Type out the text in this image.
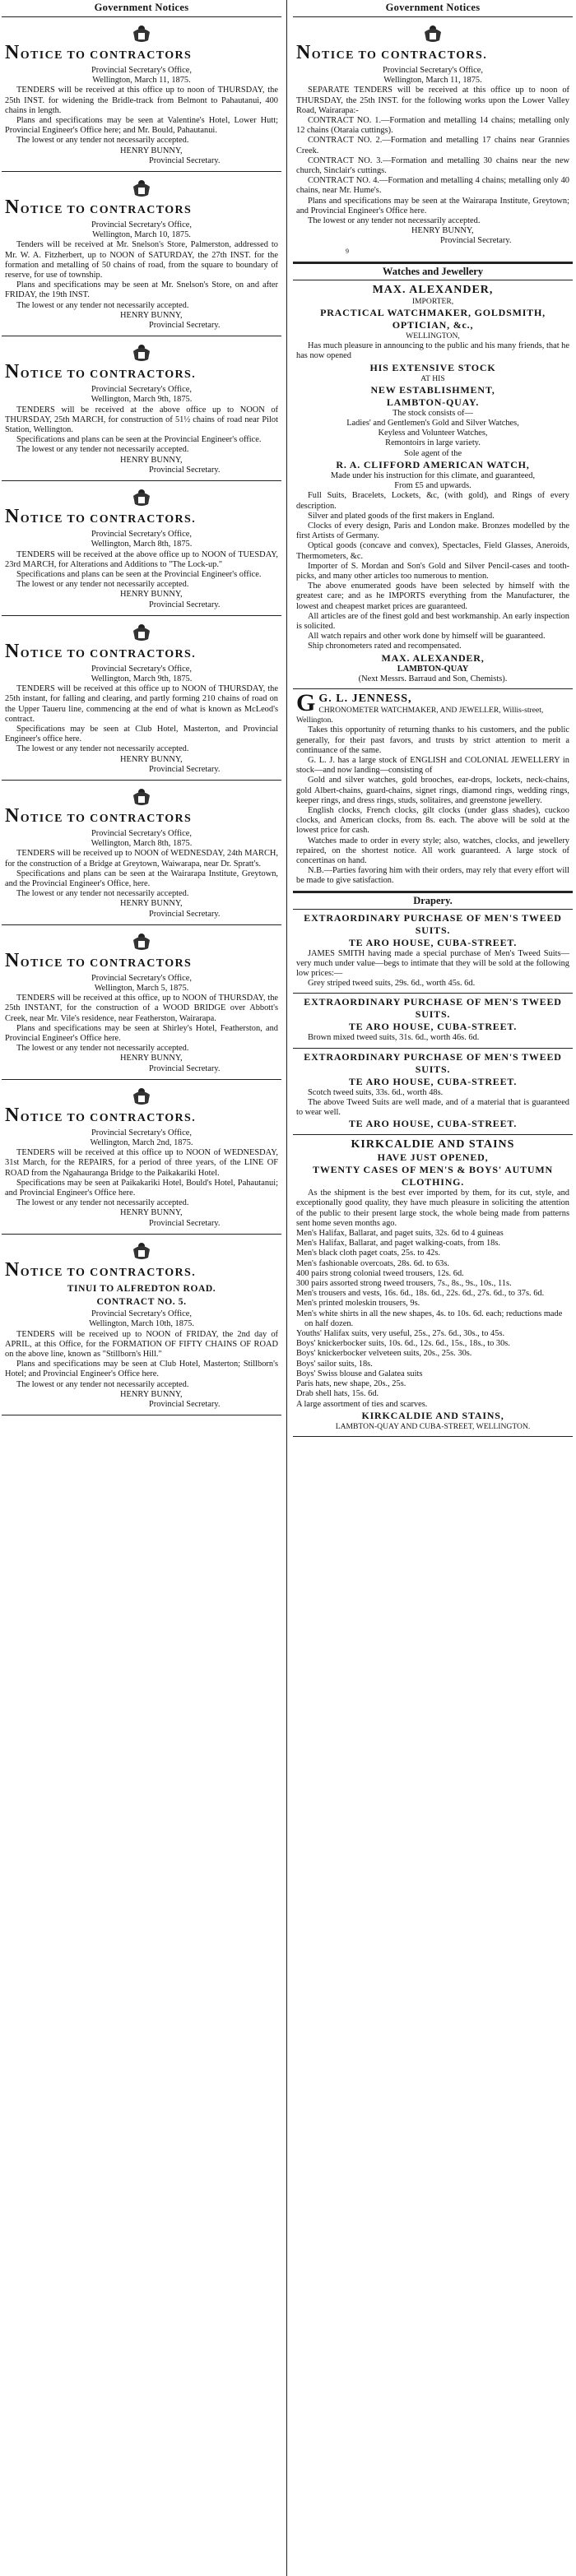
Government Notices
NOTICE TO CONTRACTORS
Provincial Secretary's Office,
Wellington, March 11, 1875.

TENDERS will be received at this office up to noon of THURSDAY, the 25th INST. for widening the Bridle-track from Belmont to Pahautanui, 400 chains in length.

Plans and specifications may be seen at Valentine's Hotel, Lower Hutt; Provincial Engineer's Office here; and Mr. Bould, Pahautanui.

The lowest or any tender not necessarily accepted.

HENRY BUNNY,
Provincial Secretary.
NOTICE TO CONTRACTORS
Provincial Secretary's Office,
Wellington, March 10, 1875.

Tenders will be received at Mr. Snelson's Store, Palmerston, addressed to Mr. W. A. Fitzherbert, up to NOON of SATURDAY, the 27th INST. for the formation and metalling of 50 chains of road, from the square to boundary of reserve, for use of township.

Plans and specifications may be seen at Mr. Snelson's Store, on and after FRIDAY, the 19th INST.

The lowest or any tender not necessarily accepted.

HENRY BUNNY,
Provincial Secretary.
NOTICE TO CONTRACTORS.
Provincial Secretary's Office,
Wellington, March 9th, 1875.

TENDERS will be received at the above office up to NOON of THURSDAY, 25th MARCH, for construction of 51½ chains of road near Pilot Station, Wellington.

Specifications and plans can be seen at the Provincial Engineer's office.

The lowest or any tender not necessarily accepted.

HENRY BUNNY,
Provincial Secretary.
NOTICE TO CONTRACTORS.
Provincial Secretary's Office,
Wellington, March 8th, 1875.

TENDERS will be received at the above office up to NOON of TUESDAY, 23rd MARCH, for Alterations and Additions to "The Lock-up."

Specifications and plans can be seen at the Provincial Engineer's office.

The lowest or any tender not necessarily accepted.

HENRY BUNNY,
Provincial Secretary.
NOTICE TO CONTRACTORS.
Provincial Secretary's Office,
Wellington, March 9th, 1875.

TENDERS will be received at this office up to NOON of THURSDAY, the 25th instant, for falling and clearing, and partly forming 210 chains of road on the Upper Taueru line, commencing at the end of what is known as McLeod's contract.

Specifications may be seen at Club Hotel, Masterton, and Provincial Engineer's office here.

The lowest or any tender not necessarily accepted.

HENRY BUNNY,
Provincial Secretary.
NOTICE TO CONTRACTORS
Provincial Secretary's Office,
Wellington, March 8th, 1875.

TENDERS will be received up to NOON of WEDNESDAY, 24th MARCH, for the construction of a Bridge at Greytown, Waiwarapa, near Dr. Spratt's.

Specifications and plans can be seen at the Wairarapa Institute, Greytown, and the Provincial Engineer's Office, here.

The lowest or any tender not necessarily accepted.

HENRY BUNNY,
Provincial Secretary.
NOTICE TO CONTRACTORS
Provincial Secretary's Office,
Wellington, March 5, 1875.

TENDERS will be received at this office, up to NOON of THURSDAY, the 25th INSTANT, for the construction of a WOOD BRIDGE over Abbott's Creek, near Mr. Vile's residence, near Featherston, Wairarapa.

Plans and specifications may be seen at Shirley's Hotel, Featherston, and Provincial Engineer's Office here.

The lowest or any tender not necessarily accepted.

HENRY BUNNY,
Provincial Secretary.
NOTICE TO CONTRACTORS.
Provincial Secretary's Office,
Wellington, March 2nd, 1875.

TENDERS will be received at this office up to NOON of WEDNESDAY, 31st March, for the REPAIRS, for a period of three years, of the LINE OF ROAD from the Ngahauranga Bridge to the Paikakariki Hotel.

Specifications may be seen at Paikakariki Hotel, Bould's Hotel, Pahautanui; and Provincial Engineer's Office here.

The lowest or any tender not necessarily accepted.

HENRY BUNNY,
Provincial Secretary.
NOTICE TO CONTRACTORS.
TINUI TO ALFREDTON ROAD.
CONTRACT NO. 5.
Provincial Secretary's Office,
Wellington, March 10th, 1875.

TENDERS will be received up to NOON of FRIDAY, the 2nd day of APRIL, at this Office, for the FORMATION OF FIFTY CHAINS OF ROAD on the above line, known as "Stillborn's Hill."

Plans and specifications may be seen at Club Hotel, Masterton; Stillborn's Hotel; and Provincial Engineer's Office here.

The lowest or any tender not necessarily accepted.

HENRY BUNNY,
Provincial Secretary.
Government Notices
NOTICE TO CONTRACTORS.
Provincial Secretary's Office,
Wellington, March 11, 1875.

SEPARATE TENDERS will be received at this office up to noon of THURSDAY, the 25th INST. for the following works upon the Lower Valley Road, Wairarapa:-

CONTRACT NO. 1.—Formation and metalling 14 chains; metalling only 12 chains (Otaraia cuttings).

CONTRACT NO. 2.—Formation and metalling 17 chains near Grannies Creek.

CONTRACT NO. 3.—Formation and metalling 30 chains near the new church, Sinclair's cuttings.

CONTRACT NO. 4.—Formation and metalling 4 chains; metalling only 40 chains, near Mr. Hume's.

Plans and specifications may be seen at the Wairarapa Institute, Greytown; and Provincial Engineer's Office here.

The lowest or any tender not necessarily accepted.

HENRY BUNNY,
Provincial Secretary.
9
Watches and Jewellery
MAX. ALEXANDER,
IMPORTER,
PRACTICAL WATCHMAKER, GOLDSMITH, OPTICIAN, &c.,
WELLINGTON,

Has much pleasure in announcing to the public and his many friends, that he has now opened

HIS EXTENSIVE STOCK
AT HIS
NEW ESTABLISHMENT,
LAMBTON-QUAY.
The stock consists of—
Ladies' and Gentlemen's Gold and Silver Watches,
Keyless and Volunteer Watches,
Remontoirs in large variety.
Sole agent of the
R. A. CLIFFORD AMERICAN WATCH,
Made under his instruction for this climate, and guaranteed,
From £5 and upwards.

Full Suits, Bracelets, Lockets, &c, (with gold), and Rings of every description.

Silver and plated goods of the first makers in England.

Clocks of every design, Paris and London make. Bronzes modelled by the first Artists of Germany.

Optical goods (concave and convex), Spectacles, Field Glasses, Aneroids, Thermometers, &c.

Importer of S. Mordan and Son's Gold and Silver Pencil-cases and tooth-picks, and many other articles too numerous to mention.

The above enumerated goods have been selected by himself with the greatest care; and as he IMPORTS everything from the Manufacturer, the lowest and cheapest market prices are guaranteed.

All articles are of the finest gold and best workmanship. An early inspection is solicited.

All watch repairs and other work done by himself will be guaranteed.

Ship chronometers rated and recompensated.

MAX. ALEXANDER,
LAMBTON-QUAY
(Next Messrs. Barraud and Son, Chemists).
G G. L. JENNESS,
CHRONOMETER WATCHMAKER, AND JEWELLER, Willis-street, Wellington.

Takes this opportunity of returning thanks to his customers, and the public generally, for their past favors, and trusts by strict attention to merit a continuance of the same.

G. L. J. has a large stock of ENGLISH and COLONIAL JEWELLERY in stock—and now landing—consisting of

Gold and silver watches, gold brooches, ear-drops, lockets, neck-chains, gold Albert-chains, guard-chains, signet rings, diamond rings, wedding rings, keeper rings, and dress rings, studs, solitaires, and greenstone jewellery.

English clocks, French clocks, gilt clocks (under glass shades), cuckoo clocks, and American clocks, from 8s. each. The above will be sold at the lowest price for cash.

Watches made to order in every style; also, watches, clocks, and jewellery repaired, on the shortest notice. All work guaranteed. A large stock of concertinas on hand.

N.B.—Parties favoring him with their orders, may rely that every effort will be made to give satisfaction.

Drapery.
EXTRAORDINARY PURCHASE OF MEN'S TWEED SUITS.
TE ARO HOUSE, CUBA-STREET.

JAMES SMITH having made a special purchase of Men's Tweed Suits—very much under value—begs to intimate that they will be sold at the following low prices:—

Grey striped tweed suits, 29s. 6d., worth 45s. 6d.

EXTRAORDINARY PURCHASE OF MEN'S TWEED SUITS.
TE ARO HOUSE, CUBA-STREET.

Brown mixed tweed suits, 31s. 6d., worth 46s. 6d.

EXTRAORDINARY PURCHASE OF MEN'S TWEED SUITS.
TE ARO HOUSE, CUBA-STREET.

Scotch tweed suits, 33s. 6d., worth 48s.

The above Tweed Suits are well made, and of a material that is guaranteed to wear well.

TE ARO HOUSE, CUBA-STREET.
KIRKCALDIE AND STAINS
HAVE JUST OPENED,
TWENTY CASES OF MEN'S & BOYS' AUTUMN CLOTHING.

As the shipment is the best ever imported by them, for its cut, style, and exceptionally good quality, they have much pleasure in soliciting the attention of the public to their present large stock, the whole being made from patterns sent home seven months ago.

Men's Halifax, Ballarat, and paget suits, 32s. 6d to 4 guineas
Men's Halifax, Ballarat, and paget walking-coats, from 18s.
Men's black cloth paget coats, 25s. to 42s.
Men's fashionable overcoats, 28s. 6d. to 63s.
400 pairs strong colonial tweed trousers, 12s. 6d.
300 pairs assorted strong tweed trousers, 7s., 8s., 9s., 10s., 11s.
Men's trousers and vests, 16s. 6d., 18s. 6d., 22s. 6d., 27s. 6d., to 37s. 6d.
Men's printed moleskin trousers, 9s.
Men's white shirts in all the new shapes, 4s. to 10s. 6d. each; reductions made on half dozen.
Youths' Halifax suits, very useful, 25s., 27s. 6d., 30s., to 45s.
Boys' knickerbocker suits, 10s. 6d., 12s. 6d., 15s., 18s., to 30s.
Boys' knickerbocker velveteen suits, 20s., 25s. 30s.
Boys' sailor suits, 18s.
Boys' Swiss blouse and Galatea suits
Paris hats, new shape, 20s., 25s.
Drab shell hats, 15s. 6d.
A large assortment of ties and scarves.
KIRKCALDIE AND STAINS,
LAMBTON-QUAY AND CUBA-STREET, WELLINGTON.
